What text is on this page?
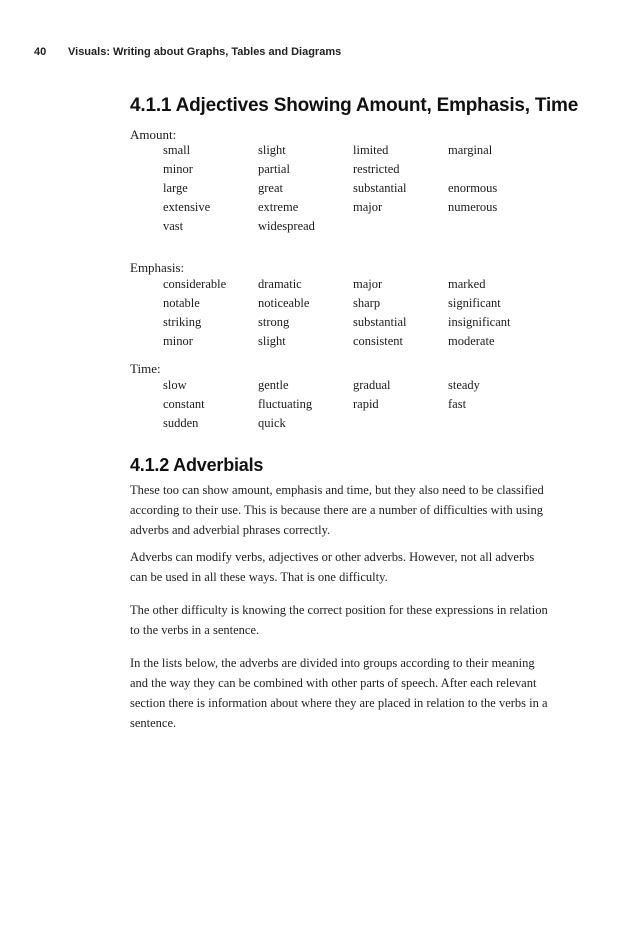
40 Visuals: Writing about Graphs, Tables and Diagrams
4.1.1 Adjectives Showing Amount, Emphasis, Time
Amount:
small	slight	limited	marginal
minor	partial	restricted
large	great	substantial	enormous
extensive	extreme	major	numerous
vast	widespread
Emphasis:
considerable	dramatic	major	marked
notable	noticeable	sharp	significant
striking	strong	substantial	insignificant
minor	slight	consistent	moderate
Time:
slow	gentle	gradual	steady
constant	fluctuating	rapid	fast
sudden	quick
4.1.2 Adverbials

These too can show amount, emphasis and time, but they also need to be classified according to their use. This is because there are a number of difficulties with using adverbs and adverbial phrases correctly.

Adverbs can modify verbs, adjectives or other adverbs. However, not all adverbs can be used in all these ways. That is one difficulty.

The other difficulty is knowing the correct position for these expressions in relation to the verbs in a sentence.

In the lists below, the adverbs are divided into groups according to their meaning and the way they can be combined with other parts of speech. After each relevant section there is information about where they are placed in relation to the verbs in a sentence.
